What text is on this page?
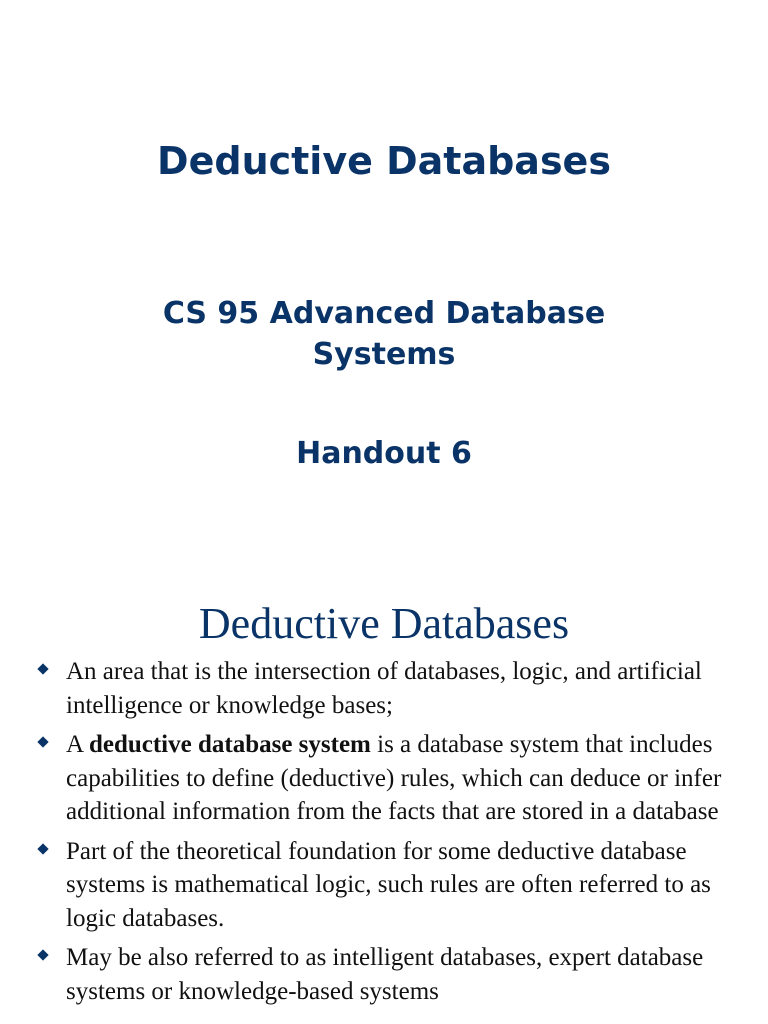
Deductive Databases
CS 95 Advanced Database
Systems
Handout 6
Deductive Databases
An area that is the intersection of databases, logic, and artificial intelligence or knowledge bases;
A deductive database system is a database system that includes capabilities to define (deductive) rules, which can deduce or infer additional information from the facts that are stored in a database
Part of the theoretical foundation for some deductive database systems is mathematical logic, such rules are often referred to as logic databases.
May be also referred to as intelligent databases, expert database systems or knowledge-based systems
